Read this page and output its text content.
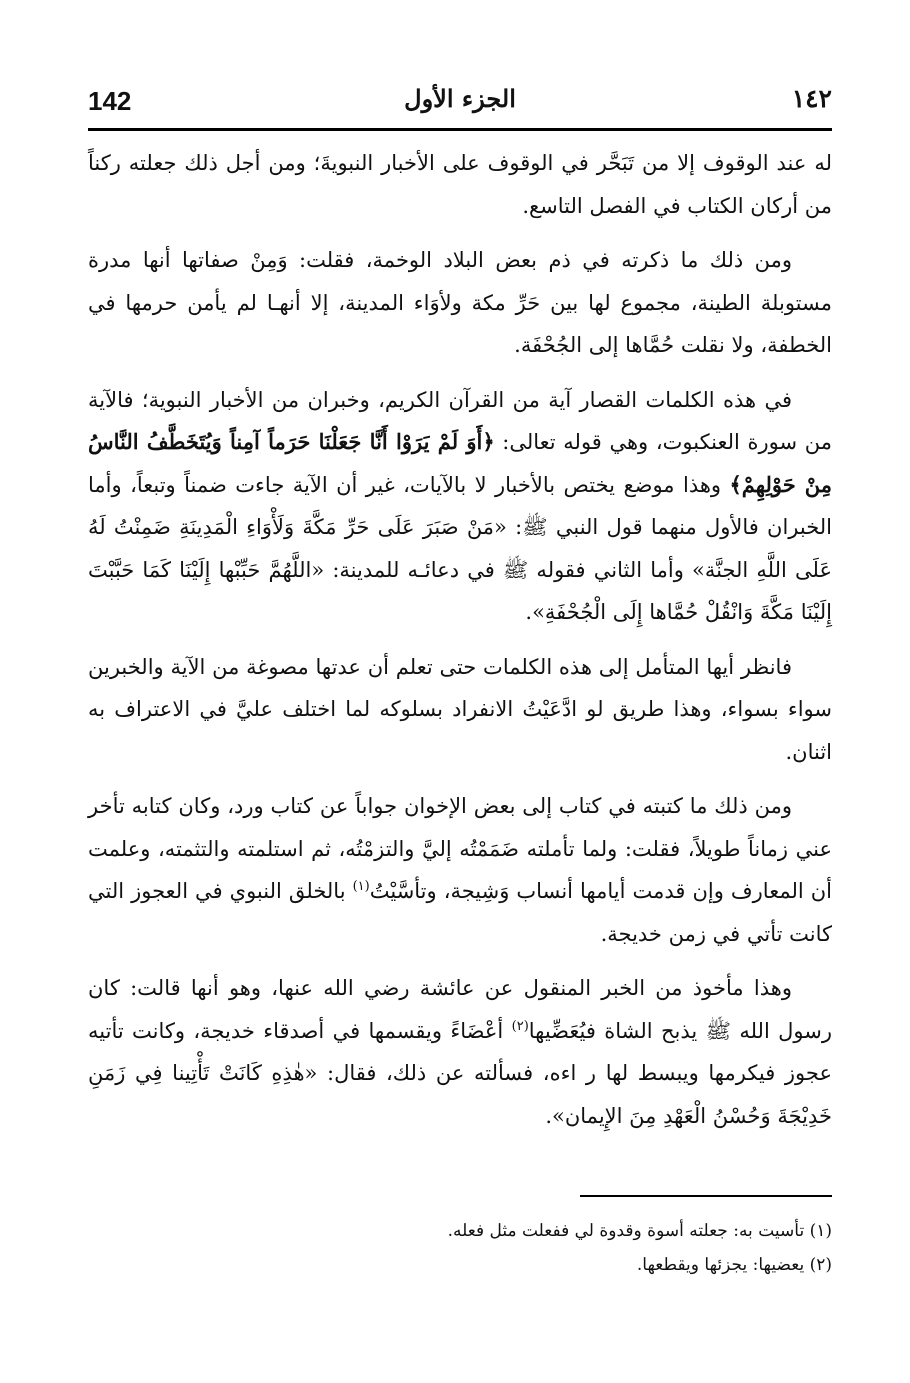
142	الجزء الأول	١٤٢

له عند الوقوف إلا من تَبَحَّر في الوقوف على الأخبار النبويةَ؛ ومن أجل ذلك جعلته ركناً من أركان الكتاب في الفصل التاسع.

ومن ذلك ما ذكرته في ذم بعض البلاد الوخمة، فقلت: وَمِنْ صفاتها أنها مدرة مستوبلة الطينة، مجموع لها بين حَرِّ مكة ولأوَاء المدينة، إلا أنهـا لم يأمن حرمها في الخطفة، ولا نقلت حُمَّاها إلى الجُحْفَة.

في هذه الكلمات القصار آية من القرآن الكريم، وخبران من الأخبار النبوية؛ فالآية من سورة العنكبوت، وهي قوله تعالى: ﴿أَوَ لَمْ يَرَوْا أَنَّا جَعَلْنَا حَرَماً آمِناً وَيُتَخَطَّفُ النَّاسُ مِنْ حَوْلِهِمْ﴾ وهذا موضع يختص بالأخبار لا بالآيات، غير أن الآية جاءت ضمناً وتبعاً، وأما الخبران فالأول منهما قول النبي ﷺ: «مَنْ صَبَرَ عَلَى حَرِّ مَكَّةَ وَلَأْوَاءِ الْمَدِينَةِ ضَمِنْتُ لَهُ عَلَى اللَّهِ الجنَّة» وأما الثاني فقوله ﷺ في دعائـه للمدينة: «اللَّهُمَّ حَبِّبْها إِلَيْنَا كَمَا حَبَّبْتَ إِلَيْنَا مَكَّةَ وَانْقُلْ حُمَّاها إِلَى الْجُحْفَةِ».

فانظر أيها المتأمل إلى هذه الكلمات حتى تعلم أن عدتها مصوغة من الآية والخبرين سواء بسواء، وهذا طريق لو ادَّعَيْتُ الانفراد بسلوكه لما اختلف عليَّ في الاعتراف به اثنان.

ومن ذلك ما كتبته في كتاب إلى بعض الإخوان جواباً عن كتاب ورد، وكان كتابه تأخر عني زماناً طويلاً، فقلت: ولما تأملته ضَمَمْتُه إليَّ والتزمْتُه، ثم استلمته والتثمته، وعلمت أن المعارف وإن قدمت أيامها أنساب وَشِيجة، وتأسَّيْتُ$^{(١)}$ بالخلق النبوي في العجوز التي كانت تأتي في زمن خديجة.

وهذا مأخوذ من الخبر المنقول عن عائشة رضي الله عنها، وهو أنها قالت: كان رسول الله ﷺ يذبح الشاة فيُعَضِّيها$^{(٢)}$ أعْضَاءً ويقسمها في أصدقاء خديجة، وكانت تأتيه عجوز فيكرمها ويبسط لها ر اءه، فسألته عن ذلك، فقال: «هٰذِهِ كَانَتْ تَأْتِينا فِي زَمَنِ خَدِيْجَةَ وَحُسْنُ الْعَهْدِ مِنَ الإِيمان».

(١) تأسيت به: جعلته أسوة وقدوة لي ففعلت مثل فعله.

(٢) يعضيها: يجزئها ويقطعها.
